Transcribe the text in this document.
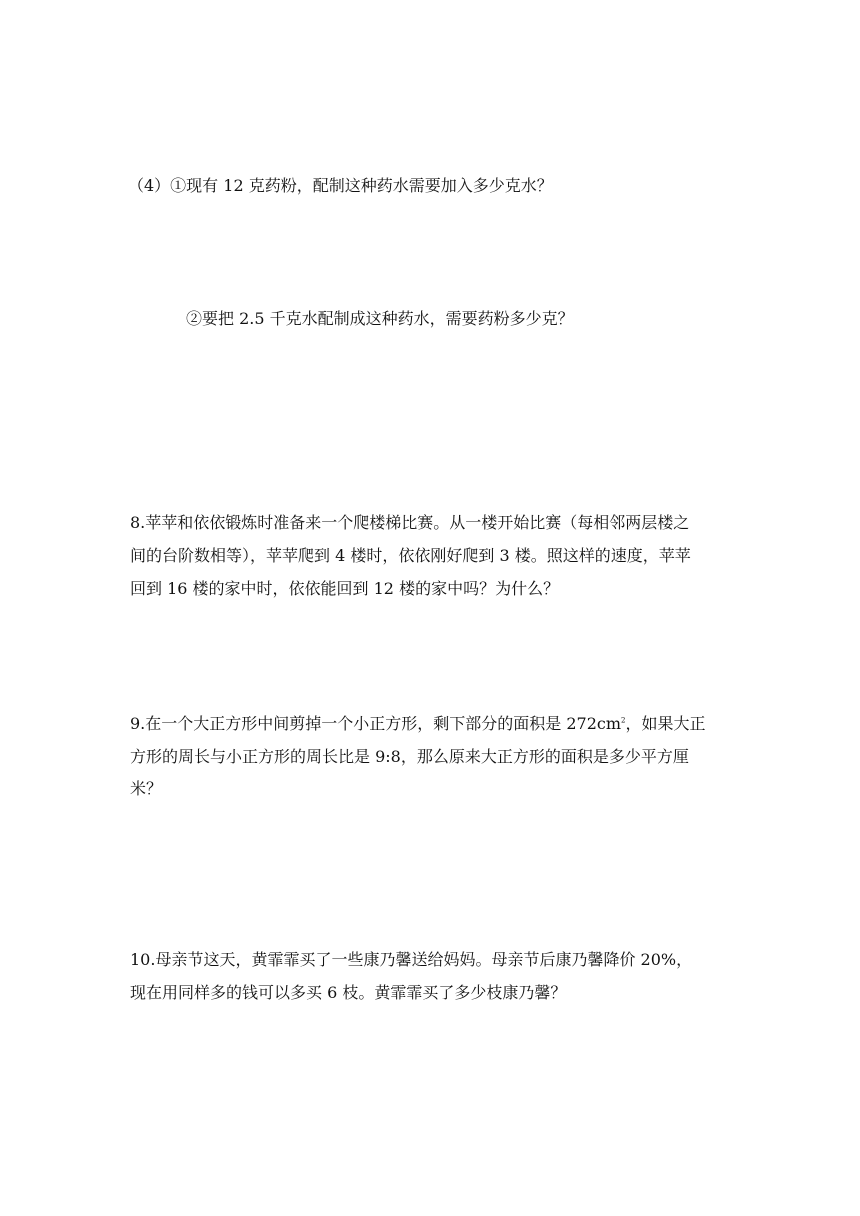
（4）①现有 12 克药粉，配制这种药水需要加入多少克水？
②要把 2.5 千克水配制成这种药水，需要药粉多少克？
8.苹苹和依依锻炼时准备来一个爬楼梯比赛。从一楼开始比赛（每相邻两层楼之
间的台阶数相等），苹苹爬到 4 楼时，依依刚好爬到 3 楼。照这样的速度，苹苹
回到 16 楼的家中时，依依能回到 12 楼的家中吗？为什么？
9.在一个大正方形中间剪掉一个小正方形，剩下部分的面积是 $272cm^2$，如果大正
方形的周长与小正方形的周长比是 9:8，那么原来大正方形的面积是多少平方厘
米？
10.母亲节这天，黄霏霏买了一些康乃馨送给妈妈。母亲节后康乃馨降价 20%，
现在用同样多的钱可以多买 6 枝。黄霏霏买了多少枝康乃馨？
